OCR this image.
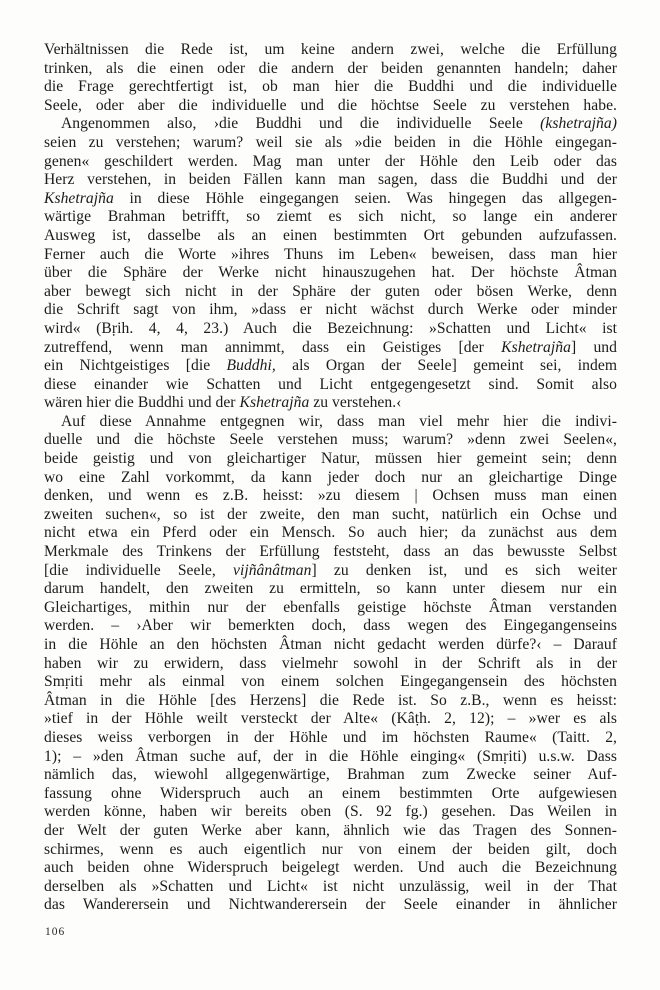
Verhältnissen die Rede ist, um keine andern zwei, welche die Erfüllung
trinken, als die einen oder die andern der beiden genannten handeln; daher
die Frage gerechtfertigt ist, ob man hier die Buddhi und die individuelle
Seele, oder aber die individuelle und die höchtse Seele zu verstehen habe.
Angenommen also, ›die Buddhi und die individuelle Seele (kshetrajña)
seien zu verstehen; warum? weil sie als »die beiden in die Höhle eingegan-
genen« geschildert werden. Mag man unter der Höhle den Leib oder das
Herz verstehen, in beiden Fällen kann man sagen, dass die Buddhi und der
Kshetrajña in diese Höhle eingegangen seien. Was hingegen das allgegen-
wärtige Brahman betrifft, so ziemt es sich nicht, so lange ein anderer
Ausweg ist, dasselbe als an einen bestimmten Ort gebunden aufzufassen.
Ferner auch die Worte »ihres Thuns im Leben« beweisen, dass man hier
über die Sphäre der Werke nicht hinauszugehen hat. Der höchste Âtman
aber bewegt sich nicht in der Sphäre der guten oder bösen Werke, denn
die Schrift sagt von ihm, »dass er nicht wächst durch Werke oder minder
wird« (Bṛih. 4, 4, 23.) Auch die Bezeichnung: »Schatten und Licht« ist
zutreffend, wenn man annimmt, dass ein Geistiges [der Kshetrajña] und
ein Nichtgeistiges [die Buddhi, als Organ der Seele] gemeint sei, indem
diese einander wie Schatten und Licht entgegengesetzt sind. Somit also
wären hier die Buddhi und der Kshetrajña zu verstehen.‹
Auf diese Annahme entgegnen wir, dass man viel mehr hier die indivi-
duelle und die höchste Seele verstehen muss; warum? »denn zwei Seelen«,
beide geistig und von gleichartiger Natur, müssen hier gemeint sein; denn
wo eine Zahl vorkommt, da kann jeder doch nur an gleichartige Dinge
denken, und wenn es z.B. heisst: »zu diesem | Ochsen muss man einen
zweiten suchen«, so ist der zweite, den man sucht, natürlich ein Ochse und
nicht etwa ein Pferd oder ein Mensch. So auch hier; da zunächst aus dem
Merkmale des Trinkens der Erfüllung feststeht, dass an das bewusste Selbst
[die individuelle Seele, vijñânâtman] zu denken ist, und es sich weiter
darum handelt, den zweiten zu ermitteln, so kann unter diesem nur ein
Gleichartiges, mithin nur der ebenfalls geistige höchste Âtman verstanden
werden. – ›Aber wir bemerkten doch, dass wegen des Eingegangenseins
in die Höhle an den höchsten Âtman nicht gedacht werden dürfe?‹ – Darauf
haben wir zu erwidern, dass vielmehr sowohl in der Schrift als in der
Smṛiti mehr als einmal von einem solchen Eingegangensein des höchsten
Âtman in die Höhle [des Herzens] die Rede ist. So z.B., wenn es heisst:
»tief in der Höhle weilt versteckt der Alte« (Kâṭh. 2, 12); – »wer es als
dieses weiss verborgen in der Höhle und im höchsten Raume« (Taitt. 2,
1); – »den Âtman suche auf, der in die Höhle einging« (Smṛiti) u.s.w. Dass
nämlich das, wiewohl allgegenwärtige, Brahman zum Zwecke seiner Auf-
fassung ohne Widerspruch auch an einem bestimmten Orte aufgewiesen
werden könne, haben wir bereits oben (S. 92 fg.) gesehen. Das Weilen in
der Welt der guten Werke aber kann, ähnlich wie das Tragen des Sonnen-
schirmes, wenn es auch eigentlich nur von einem der beiden gilt, doch
auch beiden ohne Widerspruch beigelegt werden. Und auch die Bezeichnung
derselben als »Schatten und Licht« ist nicht unzulässig, weil in der That
das Wanderersein und Nichtwanderersein der Seele einander in ähnlicher
106
